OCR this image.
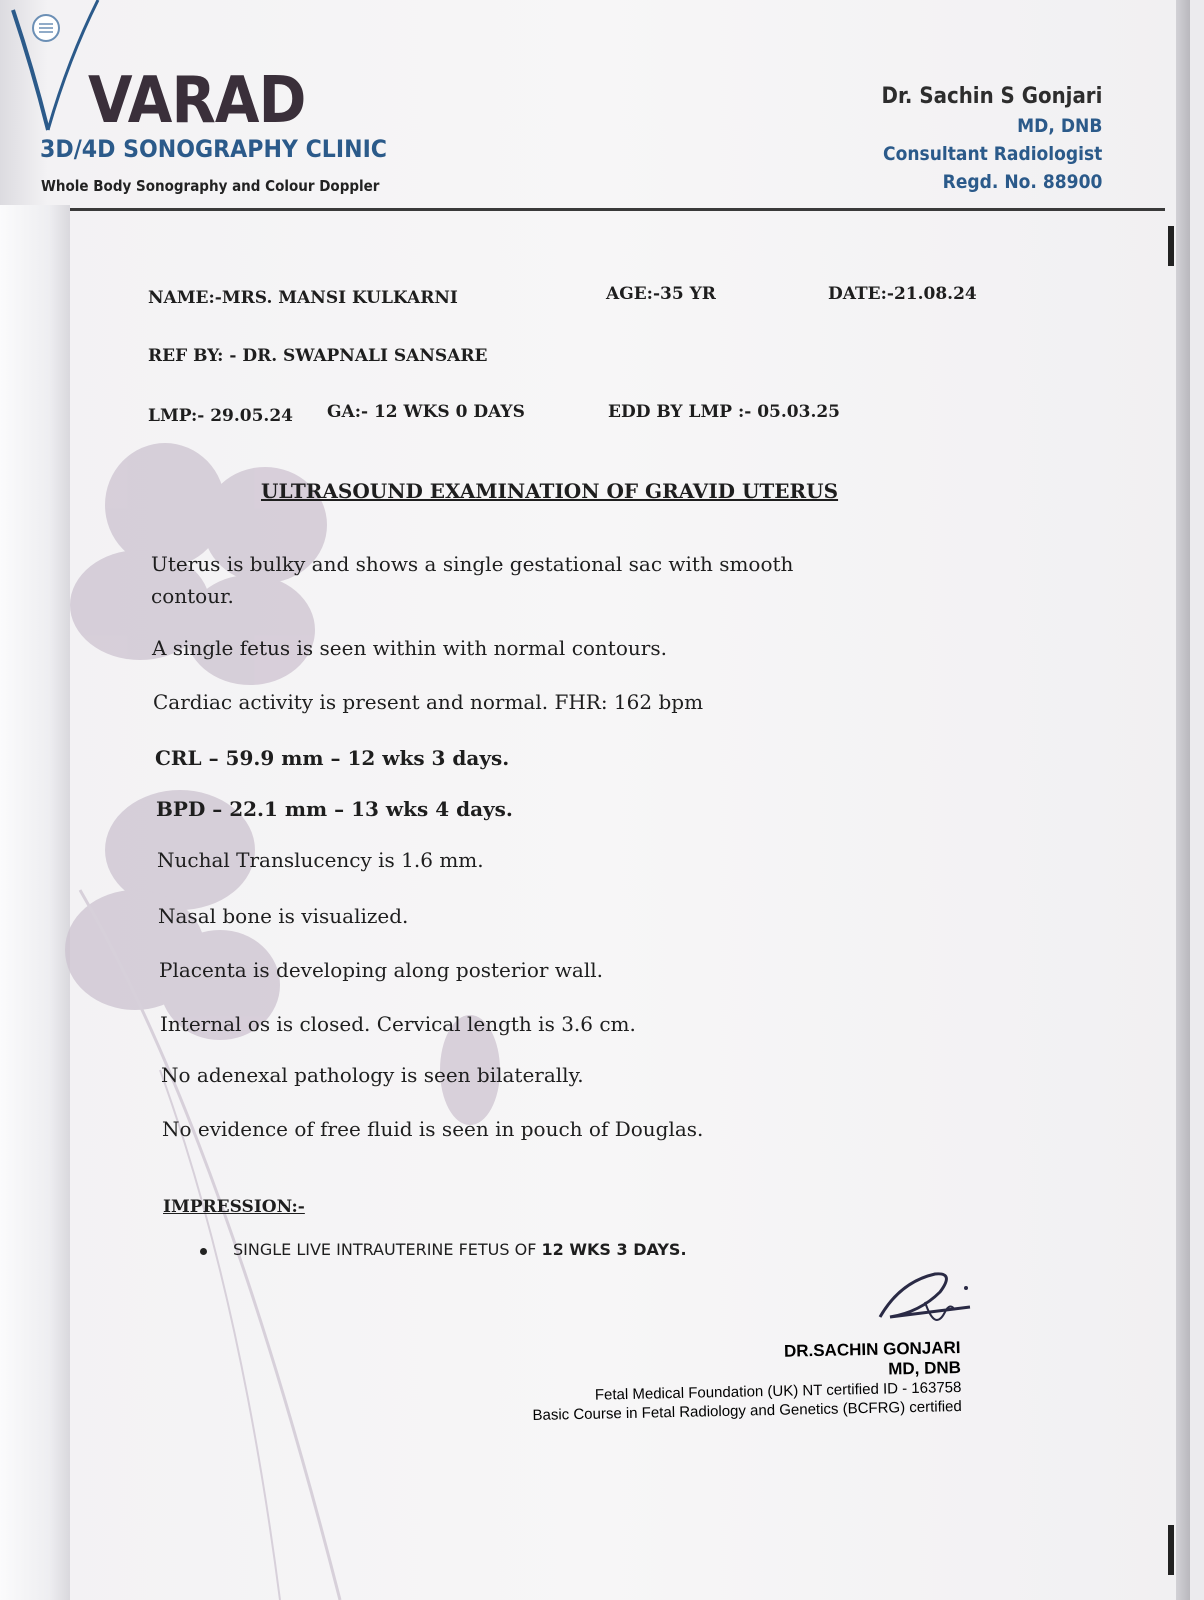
VARAD
3D/4D SONOGRAPHY CLINIC
Whole Body Sonography and Colour Doppler
Dr. Sachin S Gonjari
MD, DNB
Consultant Radiologist
Regd. No. 88900
NAME:-MRS. MANSI KULKARNI	AGE:-35 YR	DATE:-21.08.24
REF BY: - DR. SWAPNALI SANSARE
LMP:- 29.05.24 GA:- 12 WKS 0 DAYS	EDD BY LMP :- 05.03.25
ULTRASOUND EXAMINATION OF GRAVID UTERUS
Uterus is bulky and shows a single gestational sac with smooth
contour.
A single fetus is seen within with normal contours.
Cardiac activity is present and normal. FHR: 162 bpm
CRL – 59.9 mm – 12 wks 3 days.
BPD – 22.1 mm – 13 wks 4 days.
Nuchal Translucency is 1.6 mm.
Nasal bone is visualized.
Placenta is developing along posterior wall.
Internal os is closed. Cervical length is 3.6 cm.
No adenexal pathology is seen bilaterally.
No evidence of free fluid is seen in pouch of Douglas.
IMPRESSION:-
SINGLE LIVE INTRAUTERINE FETUS OF 12 WKS 3 DAYS.
DR.SACHIN GONJARI
MD, DNB
Fetal Medical Foundation (UK) NT certified ID - 163758
Basic Course in Fetal Radiology and Genetics (BCFRG) certified
